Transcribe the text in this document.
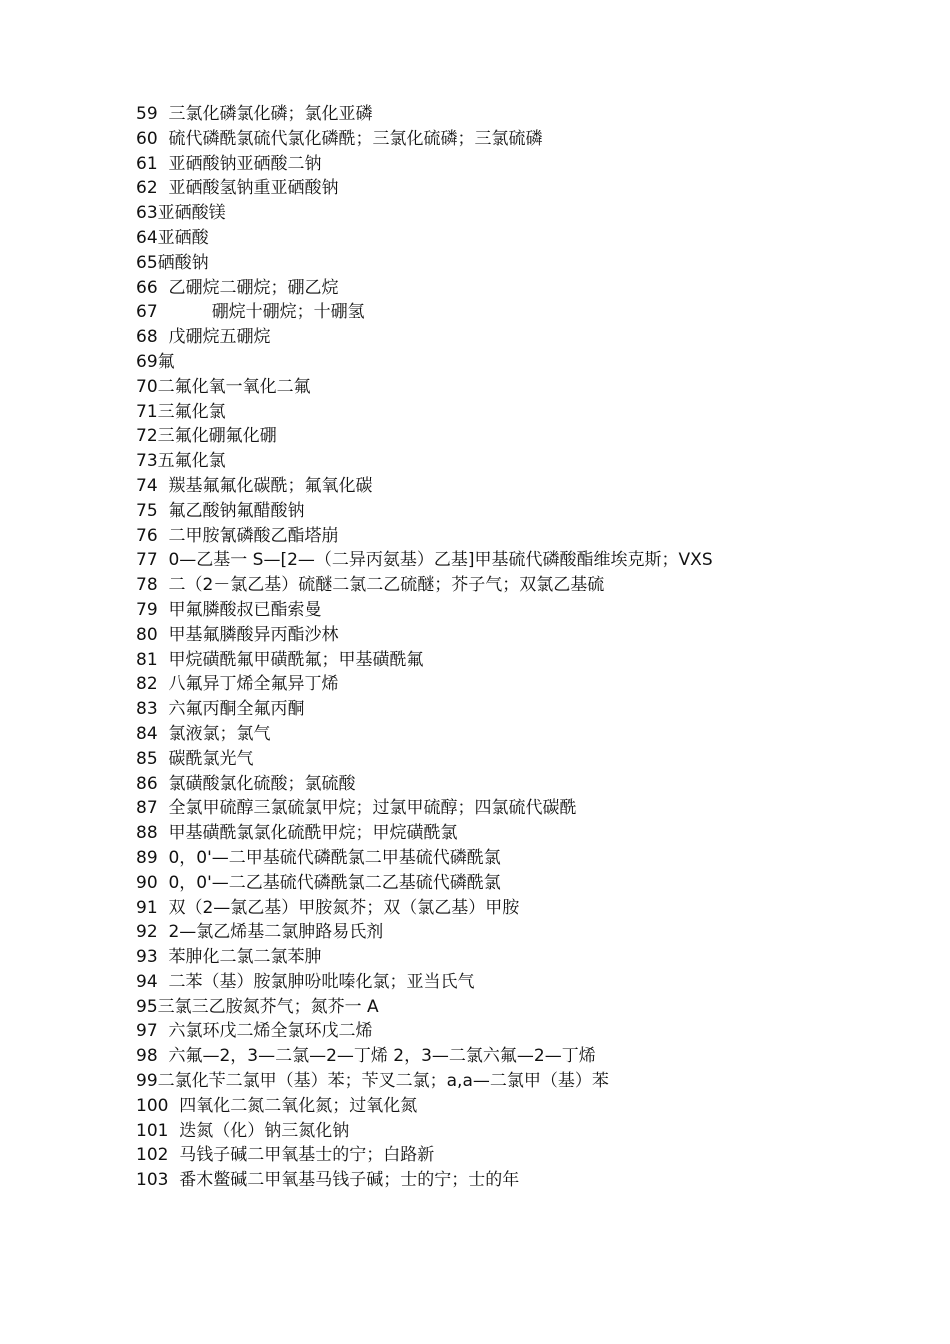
59 三氯化磷氯化磷；氯化亚磷

60 硫代磷酰氯硫代氯化磷酰；三氯化硫磷；三氯硫磷

61 亚硒酸钠亚硒酸二钠

62 亚硒酸氢钠重亚硒酸钠

63亚硒酸镁

64亚硒酸

65硒酸钠

66 乙硼烷二硼烷；硼乙烷

67	硼烷十硼烷；十硼氢

68 戊硼烷五硼烷

69氟

70二氟化氧一氧化二氟

71三氟化氯

72三氟化硼氟化硼

73五氟化氯

74 羰基氟氟化碳酰；氟氧化碳

75 氟乙酸钠氟醋酸钠

76 二甲胺氰磷酸乙酯塔崩

77 0—乙基一 S—[2—（二异丙氨基）乙基]甲基硫代磷酸酯维埃克斯；VXS

78 二（2－氯乙基）硫醚二氯二乙硫醚；芥子气；双氯乙基硫

79 甲氟膦酸叔已酯索曼

80 甲基氟膦酸异丙酯沙林

81 甲烷磺酰氟甲磺酰氟；甲基磺酰氟

82 八氟异丁烯全氟异丁烯

83 六氟丙酮全氟丙酮

84 氯液氯；氯气

85 碳酰氯光气

86 氯磺酸氯化硫酸；氯硫酸

87 全氯甲硫醇三氯硫氯甲烷；过氯甲硫醇；四氯硫代碳酰

88 甲基磺酰氯氯化硫酰甲烷；甲烷磺酰氯

89 0，0'—二甲基硫代磷酰氯二甲基硫代磷酰氯

90 0，0'—二乙基硫代磷酰氯二乙基硫代磷酰氯

91 双（2—氯乙基）甲胺氮芥；双（氯乙基）甲胺

92 2—氯乙烯基二氯胂路易氏剂

93 苯胂化二氯二氯苯胂

94 二苯（基）胺氯胂吩吡嗪化氯；亚当氏气

95三氯三乙胺氮芥气；氮芥一 A

97 六氯环戊二烯全氯环戊二烯

98 六氟—2，3—二氯—2—丁烯 2，3—二氯六氟—2—丁烯

99二氯化苄二氯甲（基）苯；苄叉二氯；a,a—二氯甲（基）苯

100 四氧化二氮二氧化氮；过氧化氮

101 迭氮（化）钠三氮化钠

102 马钱子碱二甲氧基士的宁；白路新

103 番木鳖碱二甲氧基马钱子碱；士的宁；士的年
